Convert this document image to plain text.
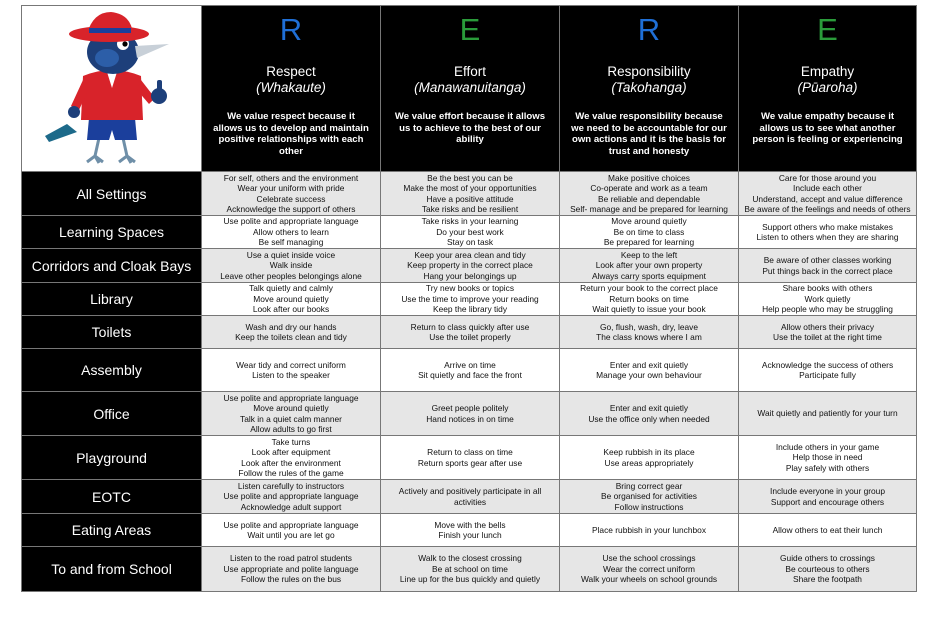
R
Respect
(Whakaute)
We value respect because it allows us to develop and maintain positive relationships with each other	E
Effort
(Manawanuitanga)
We value effort because it allows us to achieve to the best of our ability	R
Responsibility
(Takohanga)
We value responsibility because we need to be accountable for our own actions and it is the basis for trust and honesty	E
Empathy
(Pūaroha)
We value empathy because it allows us to see what another person is feeling or experiencing

All Settings	For self, others and the environment
Wear your uniform with pride
Celebrate success
Acknowledge the support of others	Be the best you can be
Make the most of your opportunities
Have a positive attitude
Take risks and be resilient	Make positive choices
Co-operate and work as a team
Be reliable and dependable
Self- manage and be prepared for learning	Care for those around you
Include each other
Understand, accept and value difference
Be aware of the feelings and needs of others

Learning Spaces	Use polite and appropriate language
Allow others to learn
Be self managing	Take risks in your learning
Do your best work
Stay on task	Move around quietly
Be on time to class
Be prepared for learning	Support others who make mistakes
Listen to others when they are sharing

Corridors and Cloak Bays	Use a quiet inside voice
Walk inside
Leave other peoples belongings alone	Keep your area clean and tidy
Keep property in the correct place
Hang your belongings up	Keep to the left
Look after your own property
Always carry sports equipment	Be aware of other classes working
Put things back in the correct place

Library	Talk quietly and calmly
Move around quietly
Look after our books	Try new books or topics
Use the time to improve your reading
Keep the library tidy	Return your book to the correct place
Return books on time
Wait quietly to issue your book	Share books with others
Work quietly
Help people who may be struggling

Toilets	Wash and dry our hands
Keep the toilets clean and tidy	Return to class quickly after use
Use the toilet properly	Go, flush, wash, dry, leave
The class knows where I am	Allow others their privacy
Use the toilet at the right time

Assembly	Wear tidy and correct uniform
Listen to the speaker	Arrive on time
Sit quietly and face the front	Enter and exit quietly
Manage your own behaviour	Acknowledge the success of others
Participate fully

Office	Use polite and appropriate language
Move around quietly
Talk in a quiet calm manner
Allow adults to go first	Greet people politely
Hand notices in on time	Enter and exit quietly
Use the office only when needed	Wait quietly and patiently for your turn

Playground	Take turns
Look after equipment
Look after the environment
Follow the rules of the game	Return to class on time
Return sports gear after use	Keep rubbish in its place
Use areas appropriately	Include others in your game
Help those in need
Play safely with others

EOTC	Listen carefully to instructors
Use polite and appropriate language
Acknowledge adult support	Actively and positively participate in all
activities	Bring correct gear
Be organised for activities
Follow instructions	Include everyone in your group
Support and encourage others

Eating Areas	Use polite and appropriate language
Wait until you are let go	Move with the bells
Finish your lunch	Place rubbish in your lunchbox	Allow others to eat their lunch

To and from School	Listen to the road patrol students
Use appropriate and polite language
Follow the rules on the bus	Walk to the closest crossing
Be at school on time
Line up for the bus quickly and quietly	Use the school crossings
Wear the correct uniform
Walk your wheels on school grounds	Guide others to crossings
Be courteous to others
Share the footpath
